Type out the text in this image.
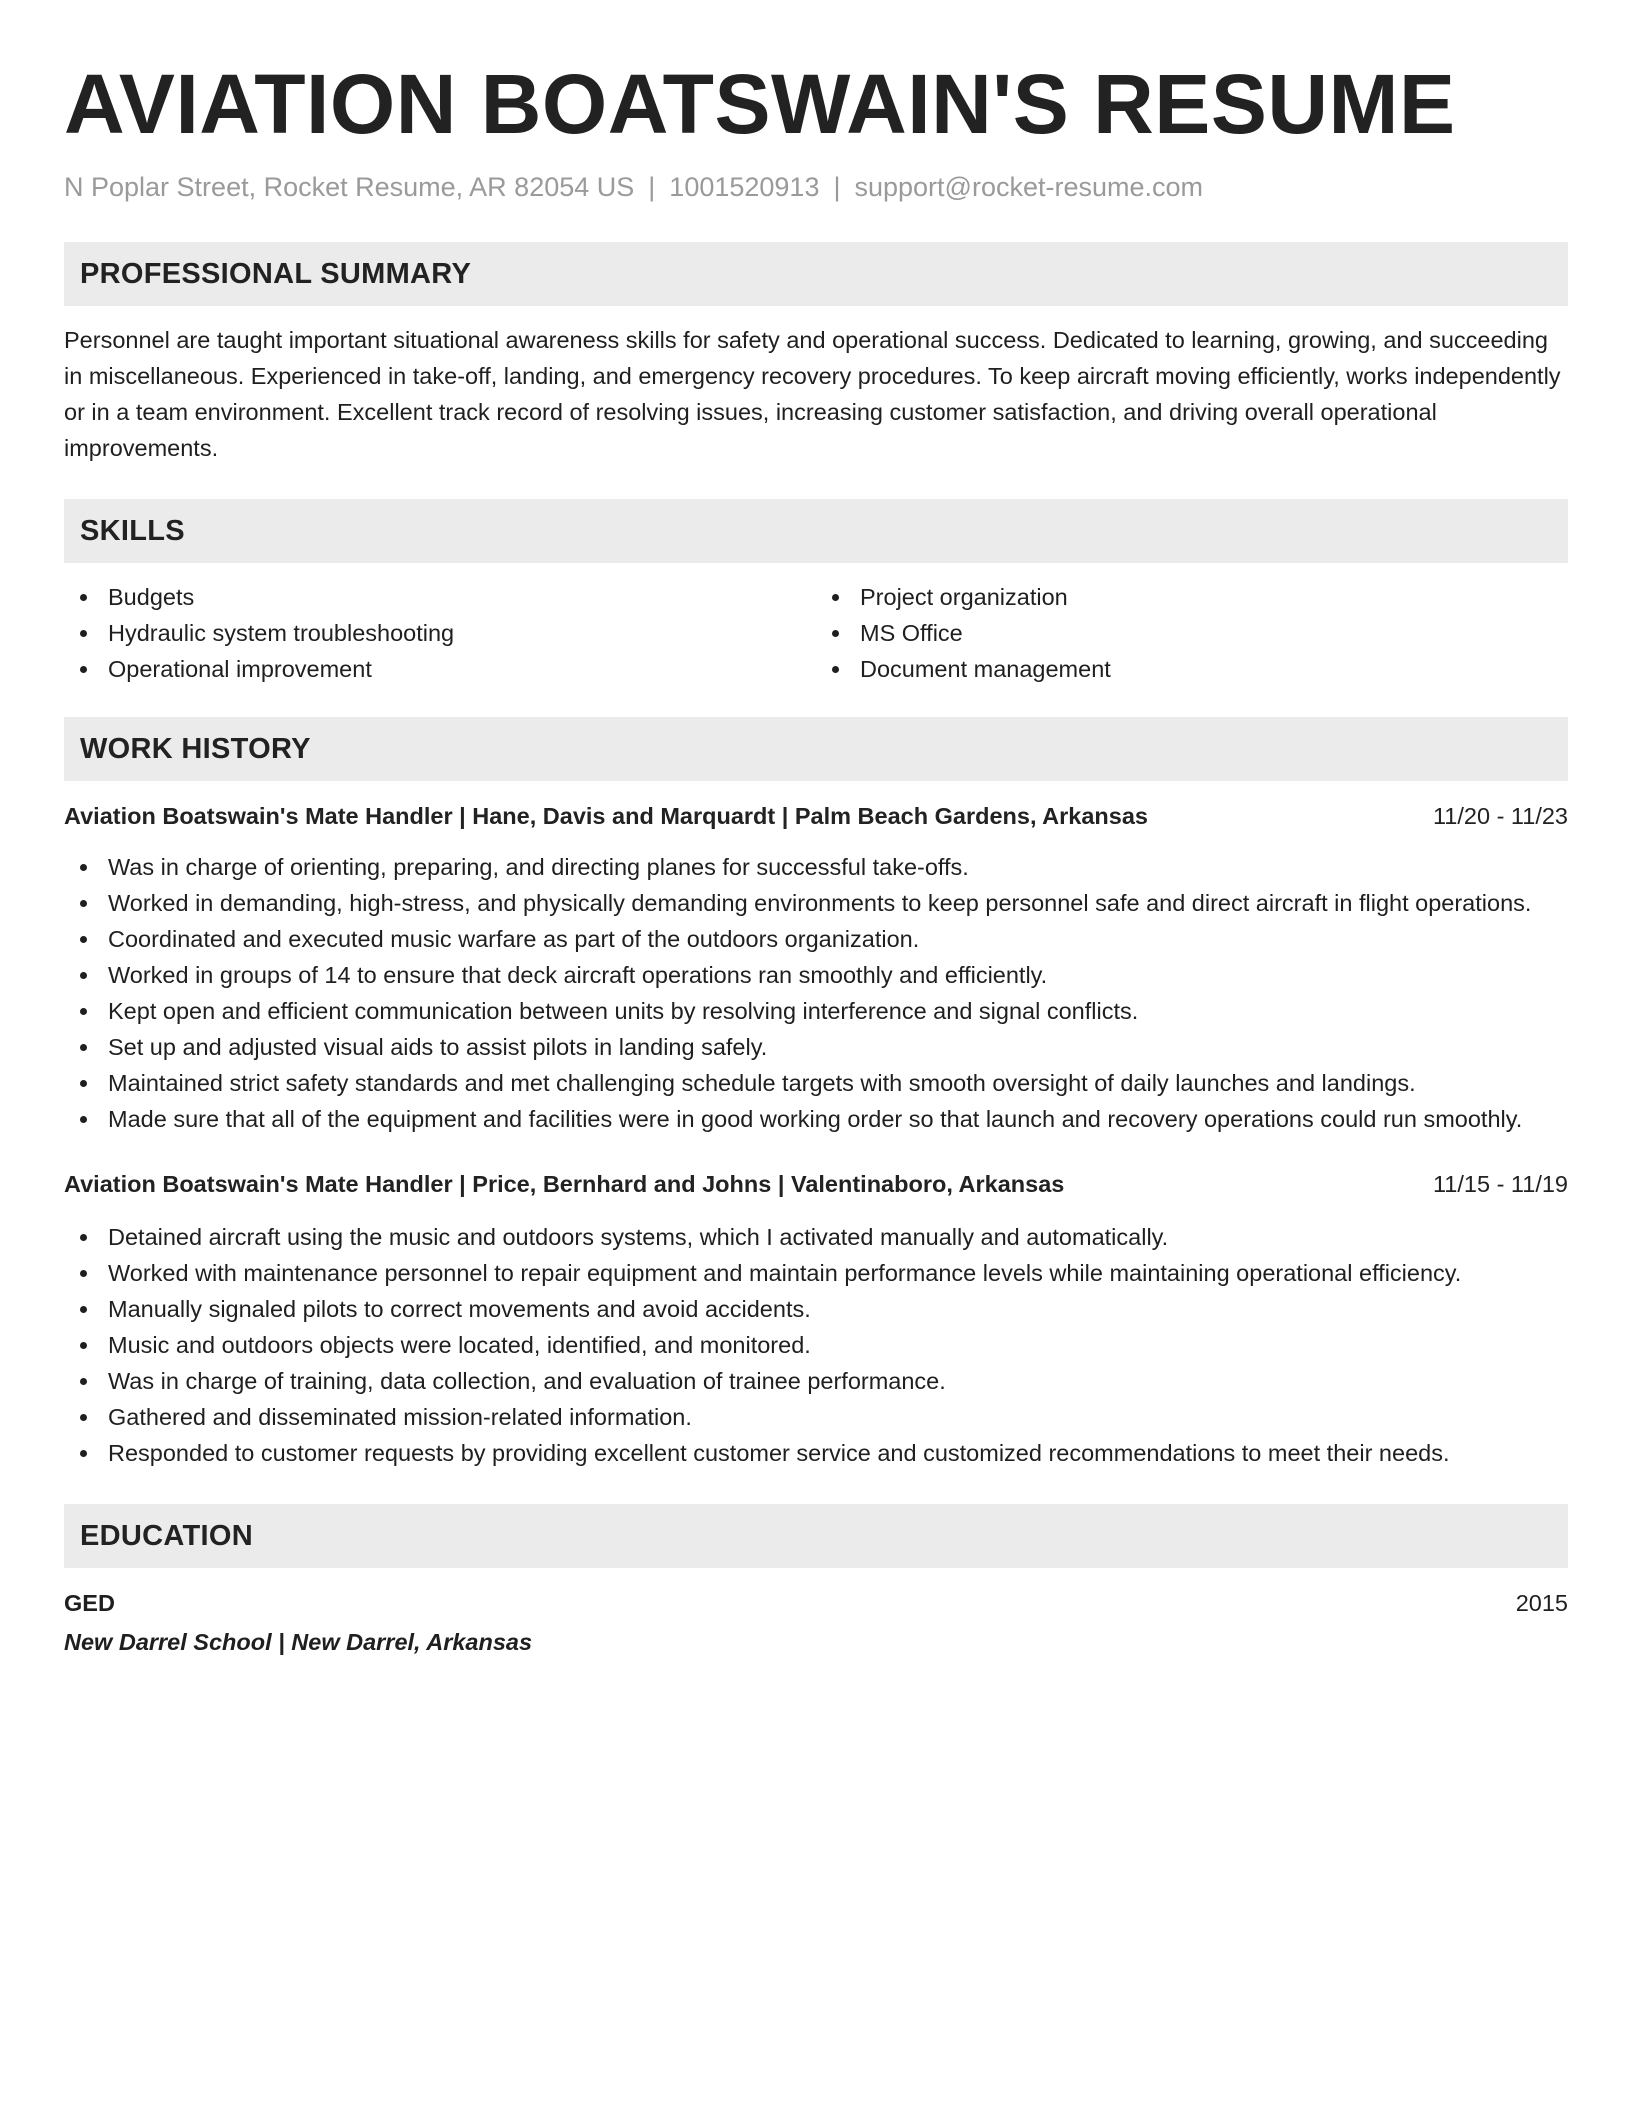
AVIATION BOATSWAIN'S RESUME
N Poplar Street, Rocket Resume, AR 82054 US | 1001520913 | support@rocket-resume.com
PROFESSIONAL SUMMARY

Personnel are taught important situational awareness skills for safety and operational success. Dedicated to learning, growing, and succeeding in miscellaneous. Experienced in take-off, landing, and emergency recovery procedures. To keep aircraft moving efficiently, works independently or in a team environment. Excellent track record of resolving issues, increasing customer satisfaction, and driving overall operational improvements.

SKILLS
Budgets
Hydraulic system troubleshooting
Operational improvement
Project organization
MS Office
Document management
WORK HISTORY
Aviation Boatswain's Mate Handler | Hane, Davis and Marquardt | Palm Beach Gardens, Arkansas	11/20 - 11/23
Was in charge of orienting, preparing, and directing planes for successful take-offs.
Worked in demanding, high-stress, and physically demanding environments to keep personnel safe and direct aircraft in flight operations.
Coordinated and executed music warfare as part of the outdoors organization.
Worked in groups of 14 to ensure that deck aircraft operations ran smoothly and efficiently.
Kept open and efficient communication between units by resolving interference and signal conflicts.
Set up and adjusted visual aids to assist pilots in landing safely.
Maintained strict safety standards and met challenging schedule targets with smooth oversight of daily launches and landings.
Made sure that all of the equipment and facilities were in good working order so that launch and recovery operations could run smoothly.
Aviation Boatswain's Mate Handler | Price, Bernhard and Johns | Valentinaboro, Arkansas	11/15 - 11/19
Detained aircraft using the music and outdoors systems, which I activated manually and automatically.
Worked with maintenance personnel to repair equipment and maintain performance levels while maintaining operational efficiency.
Manually signaled pilots to correct movements and avoid accidents.
Music and outdoors objects were located, identified, and monitored.
Was in charge of training, data collection, and evaluation of trainee performance.
Gathered and disseminated mission-related information.
Responded to customer requests by providing excellent customer service and customized recommendations to meet their needs.
EDUCATION
GED	2015
New Darrel School | New Darrel, Arkansas
